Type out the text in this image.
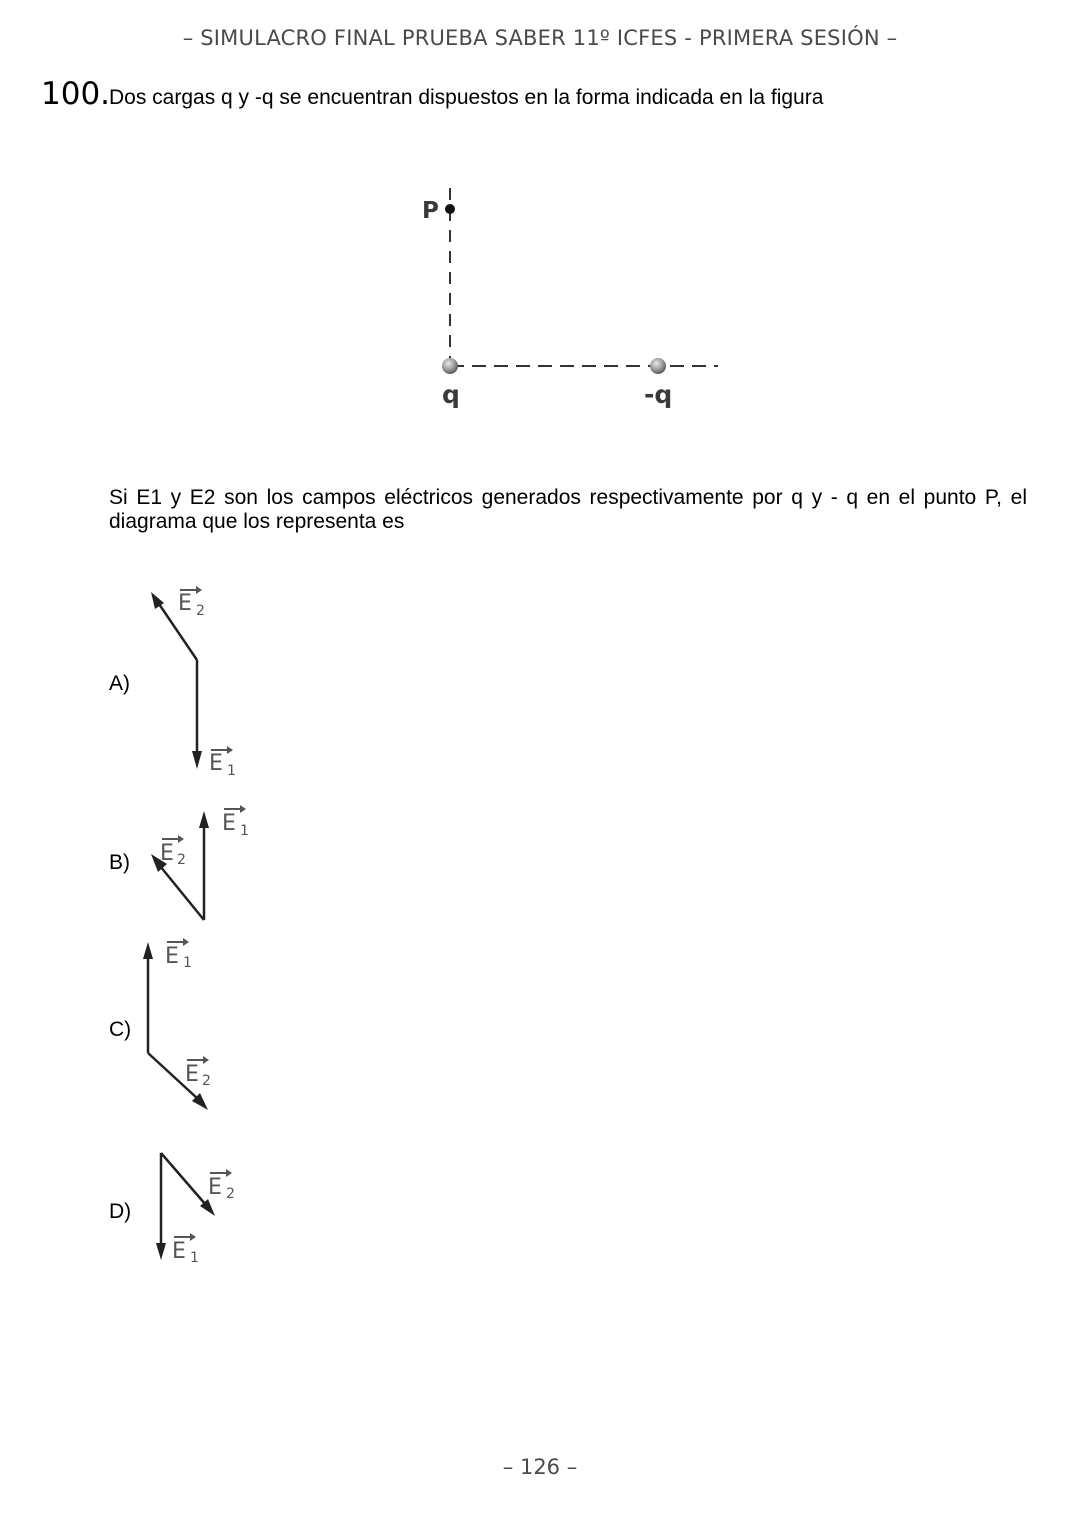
– SIMULACRO FINAL PRUEBA SABER 11º ICFES - PRIMERA SESIÓN –
100.
Dos cargas q y -q se encuentran dispuestos en la forma indicada en la figura
P
q	-q
Si E1 y E2 son los campos eléctricos generados respectivamente por q y - q en el punto P, el diagrama que los representa es
A)
B)
C)
D)
E 2
E 1
E 1
E 2
E 1
E 2
E 2
E 1
– 126 –
